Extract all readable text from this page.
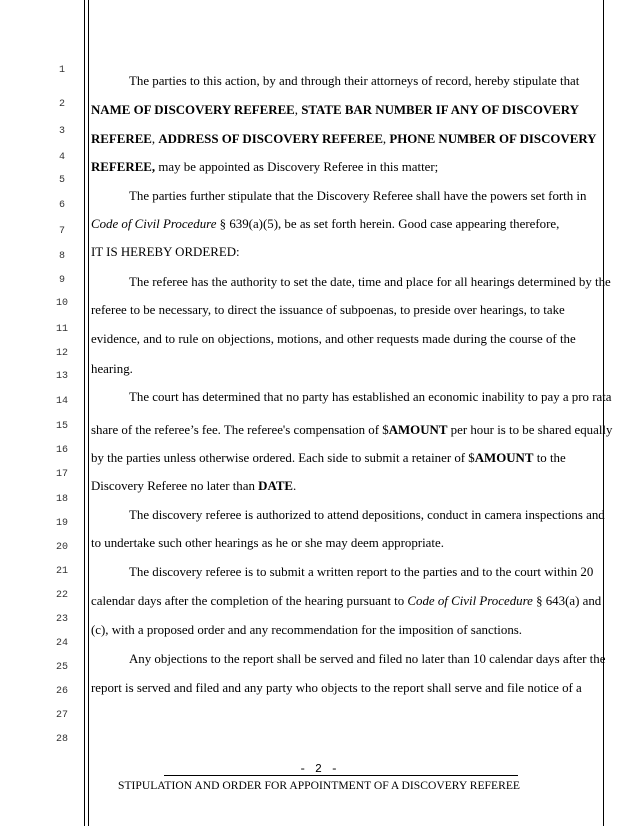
1
2
3
4
5
6
7
8
9
10
11
12
13
14
15
16
17
18
19
20
21
22
23
24
25
26
27
28
The parties to this action, by and through their attorneys of record, hereby stipulate that
NAME OF DISCOVERY REFEREE, STATE BAR NUMBER IF ANY OF DISCOVERY
REFEREE, ADDRESS OF DISCOVERY REFEREE, PHONE NUMBER OF DISCOVERY
REFEREE, may be appointed as Discovery Referee in this matter;
The parties further stipulate that the Discovery Referee shall have the powers set forth in
Code of Civil Procedure § 639(a)(5), be as set forth herein. Good case appearing therefore,
IT IS HEREBY ORDERED:
The referee has the authority to set the date, time and place for all hearings determined by the
referee to be necessary, to direct the issuance of subpoenas, to preside over hearings, to take
evidence, and to rule on objections, motions, and other requests made during the course of the
hearing.
The court has determined that no party has established an economic inability to pay a pro rata
share of the referee’s fee. The referee's compensation of $AMOUNT per hour is to be shared equally
by the parties unless otherwise ordered. Each side to submit a retainer of $AMOUNT to the
Discovery Referee no later than DATE.
The discovery referee is authorized to attend depositions, conduct in camera inspections and
to undertake such other hearings as he or she may deem appropriate.
The discovery referee is to submit a written report to the parties and to the court within 20
calendar days after the completion of the hearing pursuant to Code of Civil Procedure § 643(a) and
(c), with a proposed order and any recommendation for the imposition of sanctions.
Any objections to the report shall be served and filed no later than 10 calendar days after the
report is served and filed and any party who objects to the report shall serve and file notice of a
- 2 -
STIPULATION AND ORDER FOR APPOINTMENT OF A DISCOVERY REFEREE
